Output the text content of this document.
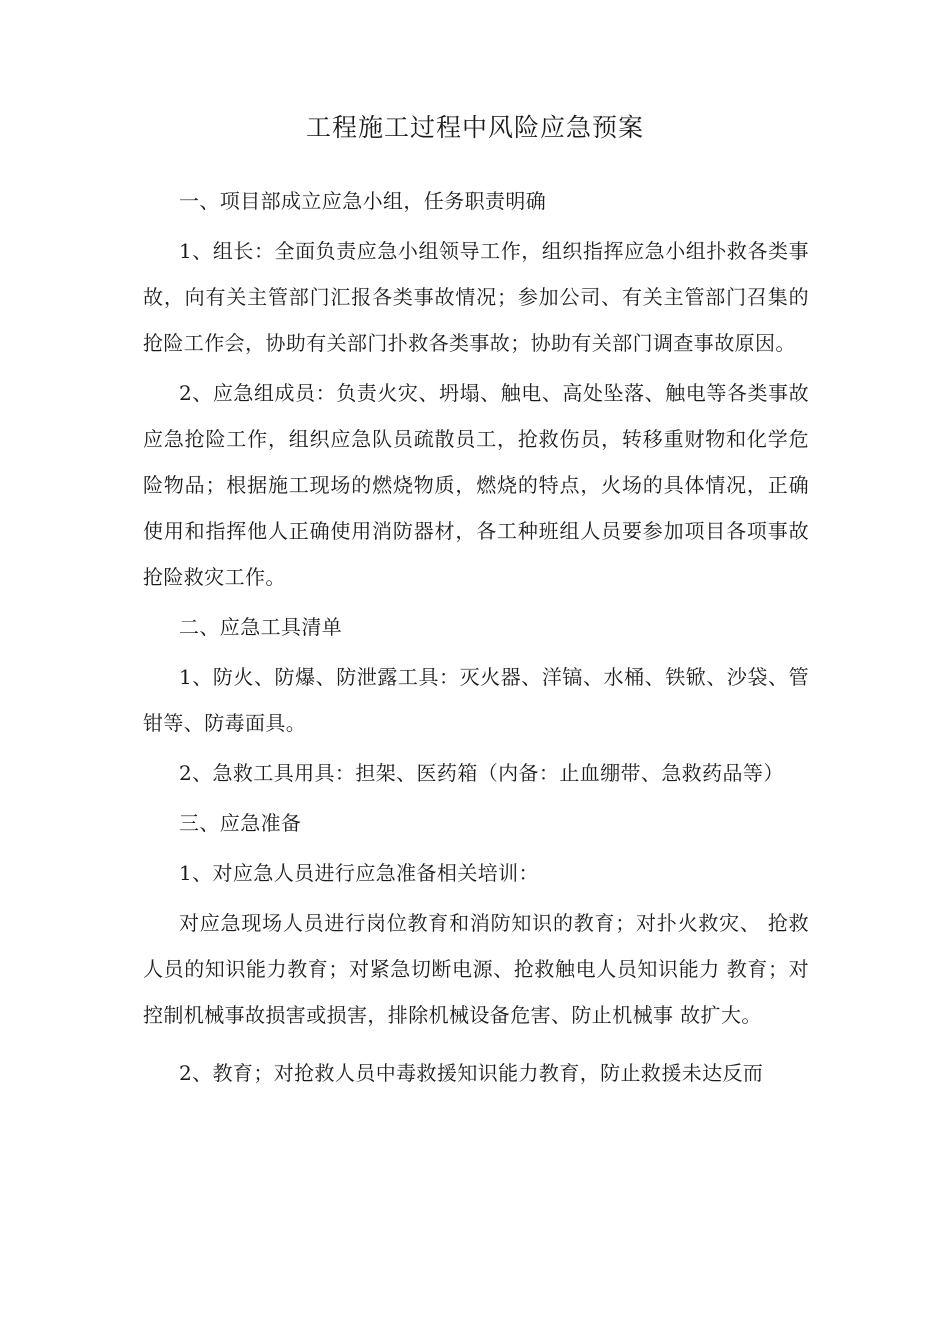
工程施工过程中风险应急预案

一、项目部成立应急小组，任务职责明确

1、组长：全面负责应急小组领导工作，组织指挥应急小组扑救各类事故，向有关主管部门汇报各类事故情况；参加公司、有关主管部门召集的抢险工作会，协助有关部门扑救各类事故；协助有关部门调查事故原因。

2、应急组成员：负责火灾、坍塌、触电、高处坠落、触电等各类事故应急抢险工作，组织应急队员疏散员工，抢救伤员，转移重财物和化学危险物品；根据施工现场的燃烧物质，燃烧的特点，火场的具体情况，正确使用和指挥他人正确使用消防器材，各工种班组人员要参加项目各项事故抢险救灾工作。

二、应急工具清单

1、防火、防爆、防泄露工具：灭火器、洋镐、水桶、铁锨、沙袋、管钳等、防毒面具。

2、急救工具用具：担架、医药箱（内备：止血绷带、急救药品等）

三、应急准备

1、对应急人员进行应急准备相关培训：

对应急现场人员进行岗位教育和消防知识的教育；对扑火救灾、 抢救人员的知识能力教育；对紧急切断电源、抢救触电人员知识能力 教育；对控制机械事故损害或损害，排除机械设备危害、防止机械事 故扩大。

2、教育；对抢救人员中毒救援知识能力教育，防止救援未达反而
